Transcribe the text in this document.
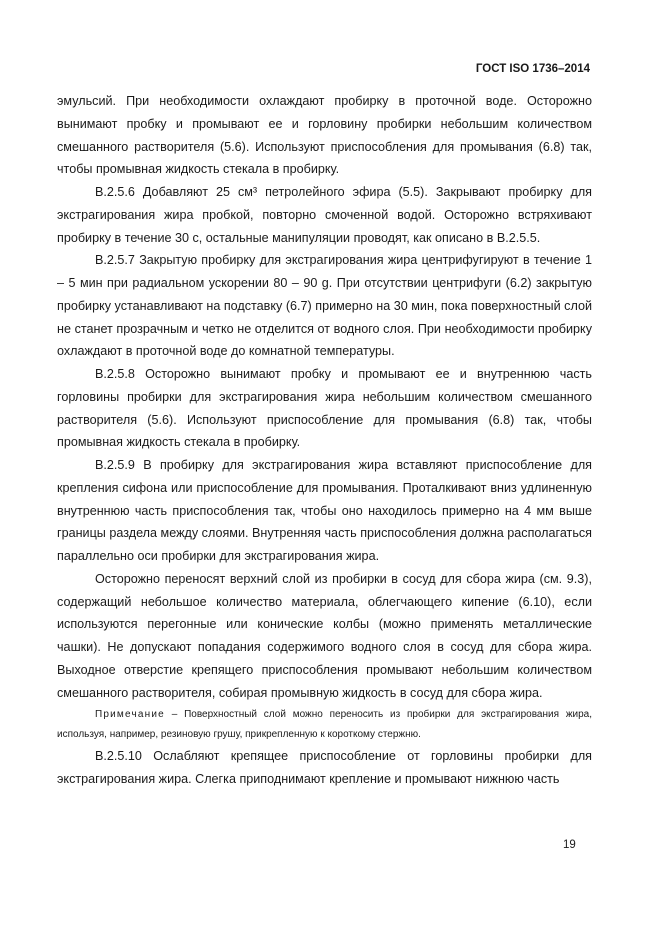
ГОСТ ISO 1736–2014

эмульсий. При необходимости охлаждают пробирку в проточной воде. Осторожно вынимают пробку и промывают ее и горловину пробирки небольшим количеством смешанного растворителя (5.6). Используют приспособления для промывания (6.8) так, чтобы промывная жидкость стекала в пробирку.

В.2.5.6 Добавляют 25 см³ петролейного эфира (5.5). Закрывают пробирку для экстрагирования жира пробкой, повторно смоченной водой. Осторожно встряхивают пробирку в течение 30 с, остальные манипуляции проводят, как описано в В.2.5.5.

В.2.5.7 Закрытую пробирку для экстрагирования жира центрифугируют в течение 1 – 5 мин при радиальном ускорении 80 – 90 g. При отсутствии центрифуги (6.2) закрытую пробирку устанавливают на подставку (6.7) примерно на 30 мин, пока поверхностный слой не станет прозрачным и четко не отделится от водного слоя. При необходимости пробирку охлаждают в проточной воде до комнатной температуры.

В.2.5.8 Осторожно вынимают пробку и промывают ее и внутреннюю часть горловины пробирки для экстрагирования жира небольшим количеством смешанного растворителя (5.6). Используют приспособление для промывания (6.8) так, чтобы промывная жидкость стекала в пробирку.

В.2.5.9 В пробирку для экстрагирования жира вставляют приспособление для крепления сифона или приспособление для промывания. Проталкивают вниз удлиненную внутреннюю часть приспособления так, чтобы оно находилось примерно на 4 мм выше границы раздела между слоями. Внутренняя часть приспособления должна располагаться параллельно оси пробирки для экстрагирования жира.

Осторожно переносят верхний слой из пробирки в сосуд для сбора жира (см. 9.3), содержащий небольшое количество материала, облегчающего кипение (6.10), если используются перегонные или конические колбы (можно применять металлические чашки). Не допускают попадания содержимого водного слоя в сосуд для сбора жира. Выходное отверстие крепящего приспособления промывают небольшим количеством смешанного растворителя, собирая промывную жидкость в сосуд для сбора жира.

Примечание – Поверхностный слой можно переносить из пробирки для экстрагирования жира, используя, например, резиновую грушу, прикрепленную к короткому стержню.

В.2.5.10 Ослабляют крепящее приспособление от горловины пробирки для экстрагирования жира. Слегка приподнимают крепление и промывают нижнюю часть

19
